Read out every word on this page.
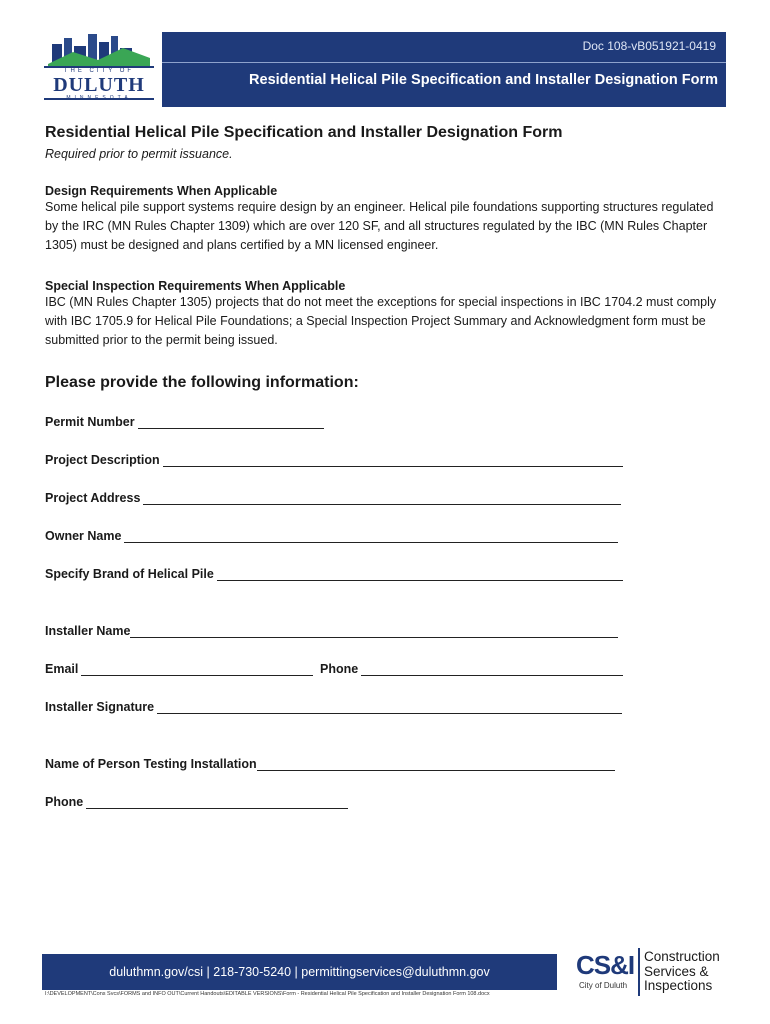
THE CITY OF
DULUTH
MINNESOTA
Doc 108-vB051921-0419
Residential Helical Pile Specification and Installer Designation Form

Residential Helical Pile Specification and Installer Designation Form

Required prior to permit issuance.

Design Requirements When Applicable

Some helical pile support systems require design by an engineer. Helical pile foundations supporting structures regulated by the IRC (MN Rules Chapter 1309) which are over 120 SF, and all structures regulated by the IBC (MN Rules Chapter 1305) must be designed and plans certified by a MN licensed engineer.

Special Inspection Requirements When Applicable

IBC (MN Rules Chapter 1305) projects that do not meet the exceptions for special inspections in IBC 1704.2 must comply with IBC 1705.9 for Helical Pile Foundations; a Special Inspection Project Summary and Acknowledgment form must be submitted prior to the permit being issued.

Please provide the following information:

Permit Number
Project Description
Project Address
Owner Name
Specify Brand of Helical Pile
Installer Name
Email	Phone
Installer Signature
Name of Person Testing Installation
Phone
duluthmn.gov/csi | 218-730-5240 | permittingservices@duluthmn.gov
I:\DEVELOPMENT\Cons Svcs\FORMS and INFO OUT\Current Handouts\EDITABLE VERSIONS\Form - Residential Helical Pile Specification and Installer Designation Form 108.docx
CS&I
City of Duluth
Construction
Services &
Inspections
